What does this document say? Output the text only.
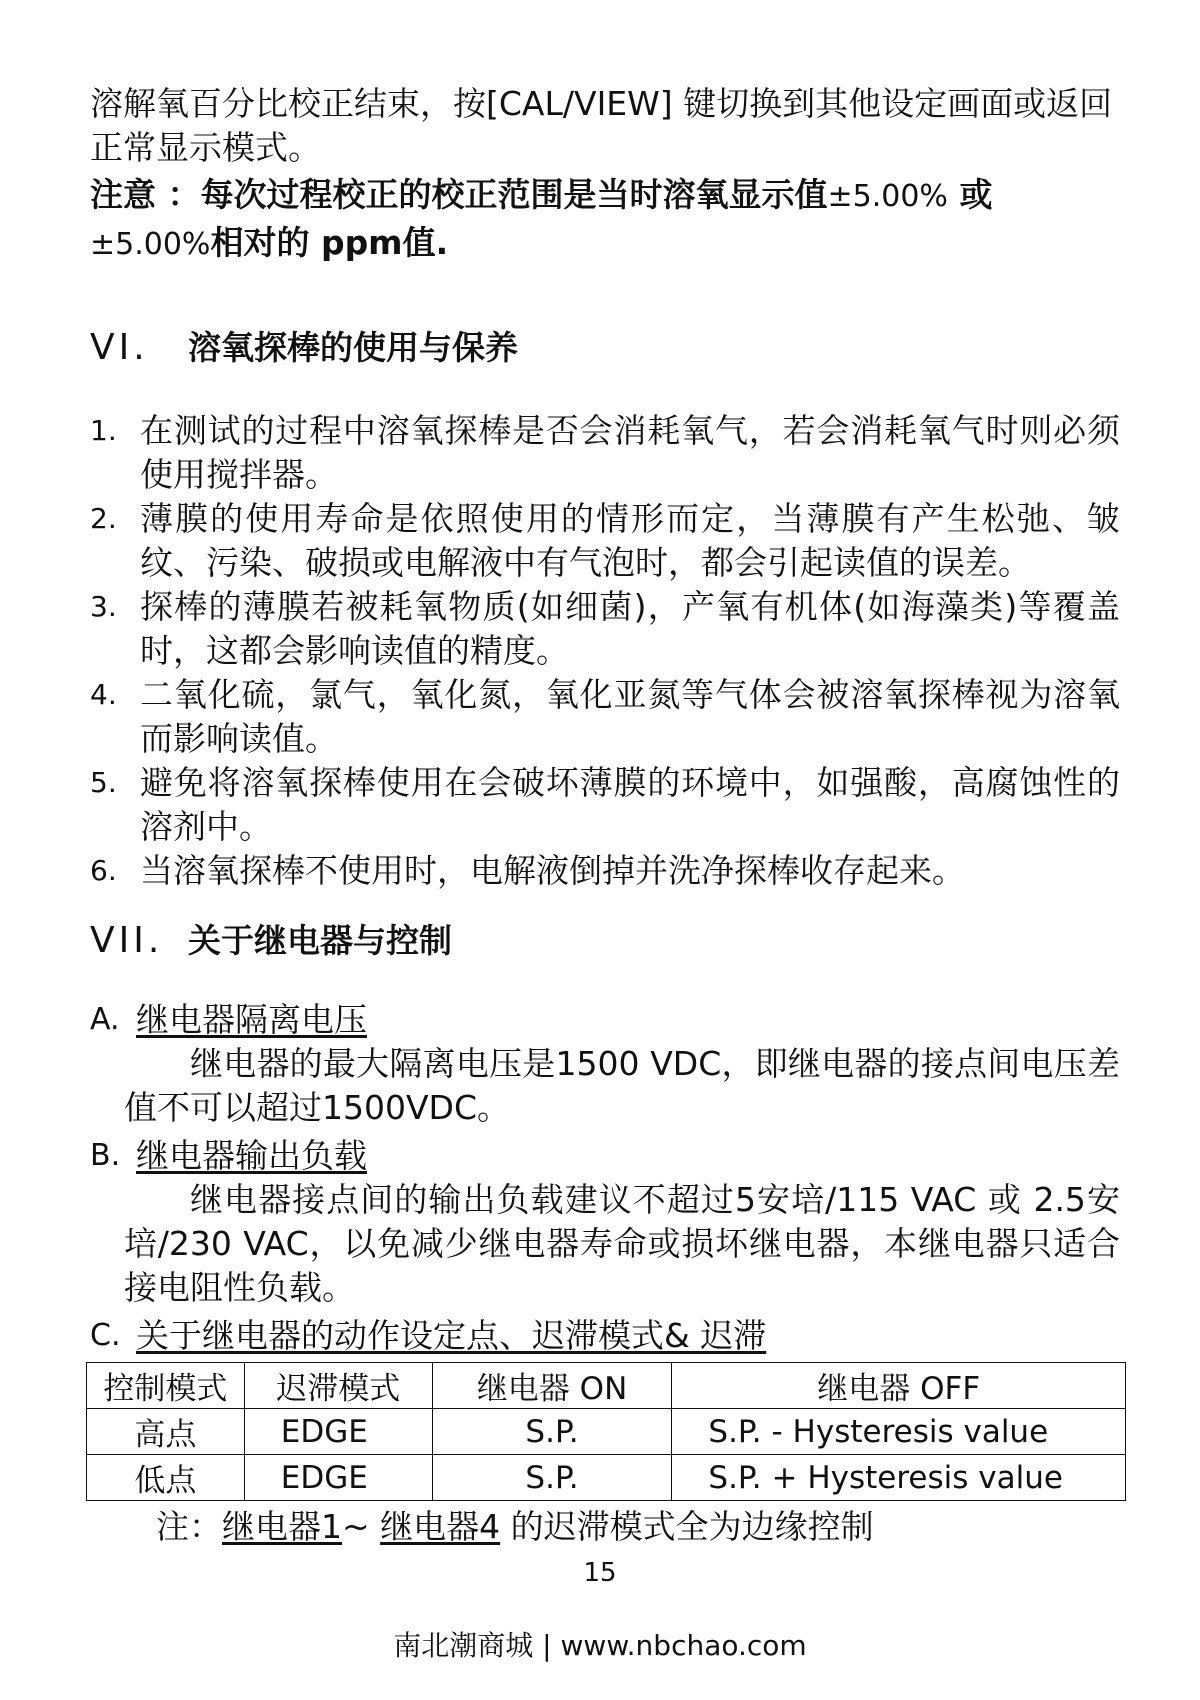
溶解氧百分比校正结束，按[CAL/VIEW] 键切换到其他设定画面或返回正常显示模式。

注意 ：每次过程校正的校正范围是当时溶氧显示值±5.00% 或
±5.00%相对的 ppm值.
VI.	溶氧探棒的使用与保养
1. 在测试的过程中溶氧探棒是否会消耗氧气，若会消耗氧气时则必须使用搅拌器。
2. 薄膜的使用寿命是依照使用的情形而定，当薄膜有产生松弛、皱纹、污染、破损或电解液中有气泡时，都会引起读值的误差。
3. 探棒的薄膜若被耗氧物质(如细菌)，产氧有机体(如海藻类)等覆盖时，这都会影响读值的精度。
4. 二氧化硫，氯气，氧化氮，氧化亚氮等气体会被溶氧探棒视为溶氧而影响读值。
5. 避免将溶氧探棒使用在会破坏薄膜的环境中，如强酸，高腐蚀性的溶剂中。
6. 当溶氧探棒不使用时，电解液倒掉并洗净探棒收存起来。
VII. 关于继电器与控制
A. 继电器隔离电压
继电器的最大隔离电压是1500 VDC，即继电器的接点间电压差值不可以超过1500VDC。
B. 继电器输出负载
继电器接点间的输出负载建议不超过5安培/115 VAC 或 2.5安培/230 VAC，以免减少继电器寿命或损坏继电器，本继电器只适合接电阻性负载。
C. 关于继电器的动作设定点、迟滞模式& 迟滞
控制模式	迟滞模式	继电器 ON	继电器 OFF
高点	EDGE	S.P.	S.P. - Hysteresis value
低点	EDGE	S.P.	S.P. + Hysteresis value
注：继电器1~ 继电器4 的迟滞模式全为边缘控制
15
南北潮商城 | www.nbchao.com
